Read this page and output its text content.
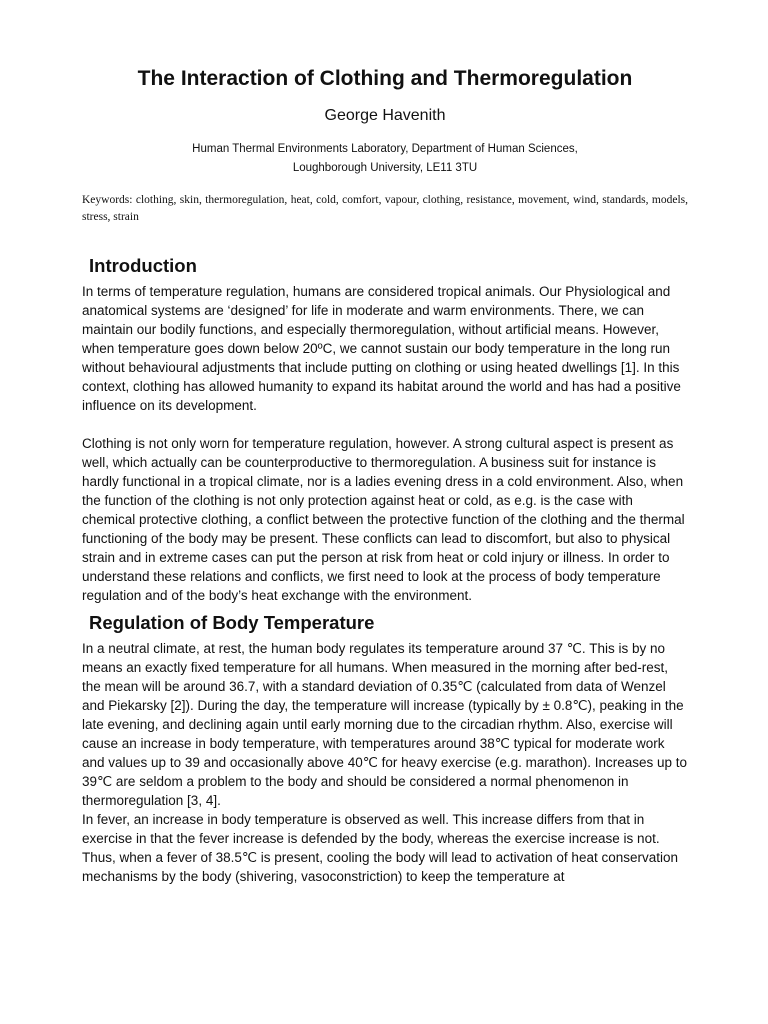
The Interaction of Clothing and Thermoregulation
George Havenith
Human Thermal Environments Laboratory, Department of Human Sciences,
Loughborough University, LE11 3TU
Keywords: clothing, skin, thermoregulation, heat, cold, comfort, vapour, clothing, resistance, movement, wind, standards, models, stress, strain
Introduction

In terms of temperature regulation, humans are considered tropical animals. Our Physiological and anatomical systems are ‘designed’ for life in moderate and warm environments. There, we can maintain our bodily functions, and especially thermoregulation, without artificial means. However, when temperature goes down below 20ºC, we cannot sustain our body temperature in the long run without behavioural adjustments that include putting on clothing or using heated dwellings [1]. In this context, clothing has allowed humanity to expand its habitat around the world and has had a positive influence on its development.

Clothing is not only worn for temperature regulation, however. A strong cultural aspect is present as well, which actually can be counterproductive to thermoregulation. A business suit for instance is hardly functional in a tropical climate, nor is a ladies evening dress in a cold environment. Also, when the function of the clothing is not only protection against heat or cold, as e.g. is the case with chemical protective clothing, a conflict between the protective function of the clothing and the thermal functioning of the body may be present. These conflicts can lead to discomfort, but also to physical strain and in extreme cases can put the person at risk from heat or cold injury or illness. In order to understand these relations and conflicts, we first need to look at the process of body temperature regulation and of the body’s heat exchange with the environment.

Regulation of Body Temperature

In a neutral climate, at rest, the human body regulates its temperature around 37 ℃. This is by no means an exactly fixed temperature for all humans. When measured in the morning after bed-rest, the mean will be around 36.7, with a standard deviation of 0.35℃ (calculated from data of Wenzel and Piekarsky [2]). During the day, the temperature will increase (typically by ± 0.8℃), peaking in the late evening, and declining again until early morning due to the circadian rhythm. Also, exercise will cause an increase in body temperature, with temperatures around 38℃ typical for moderate work and values up to 39 and occasionally above 40℃ for heavy exercise (e.g. marathon). Increases up to 39℃ are seldom a problem to the body and should be considered a normal phenomenon in thermoregulation [3, 4].

In fever, an increase in body temperature is observed as well. This increase differs from that in exercise in that the fever increase is defended by the body, whereas the exercise increase is not. Thus, when a fever of 38.5℃ is present, cooling the body will lead to activation of heat conservation mechanisms by the body (shivering, vasoconstriction) to keep the temperature at
